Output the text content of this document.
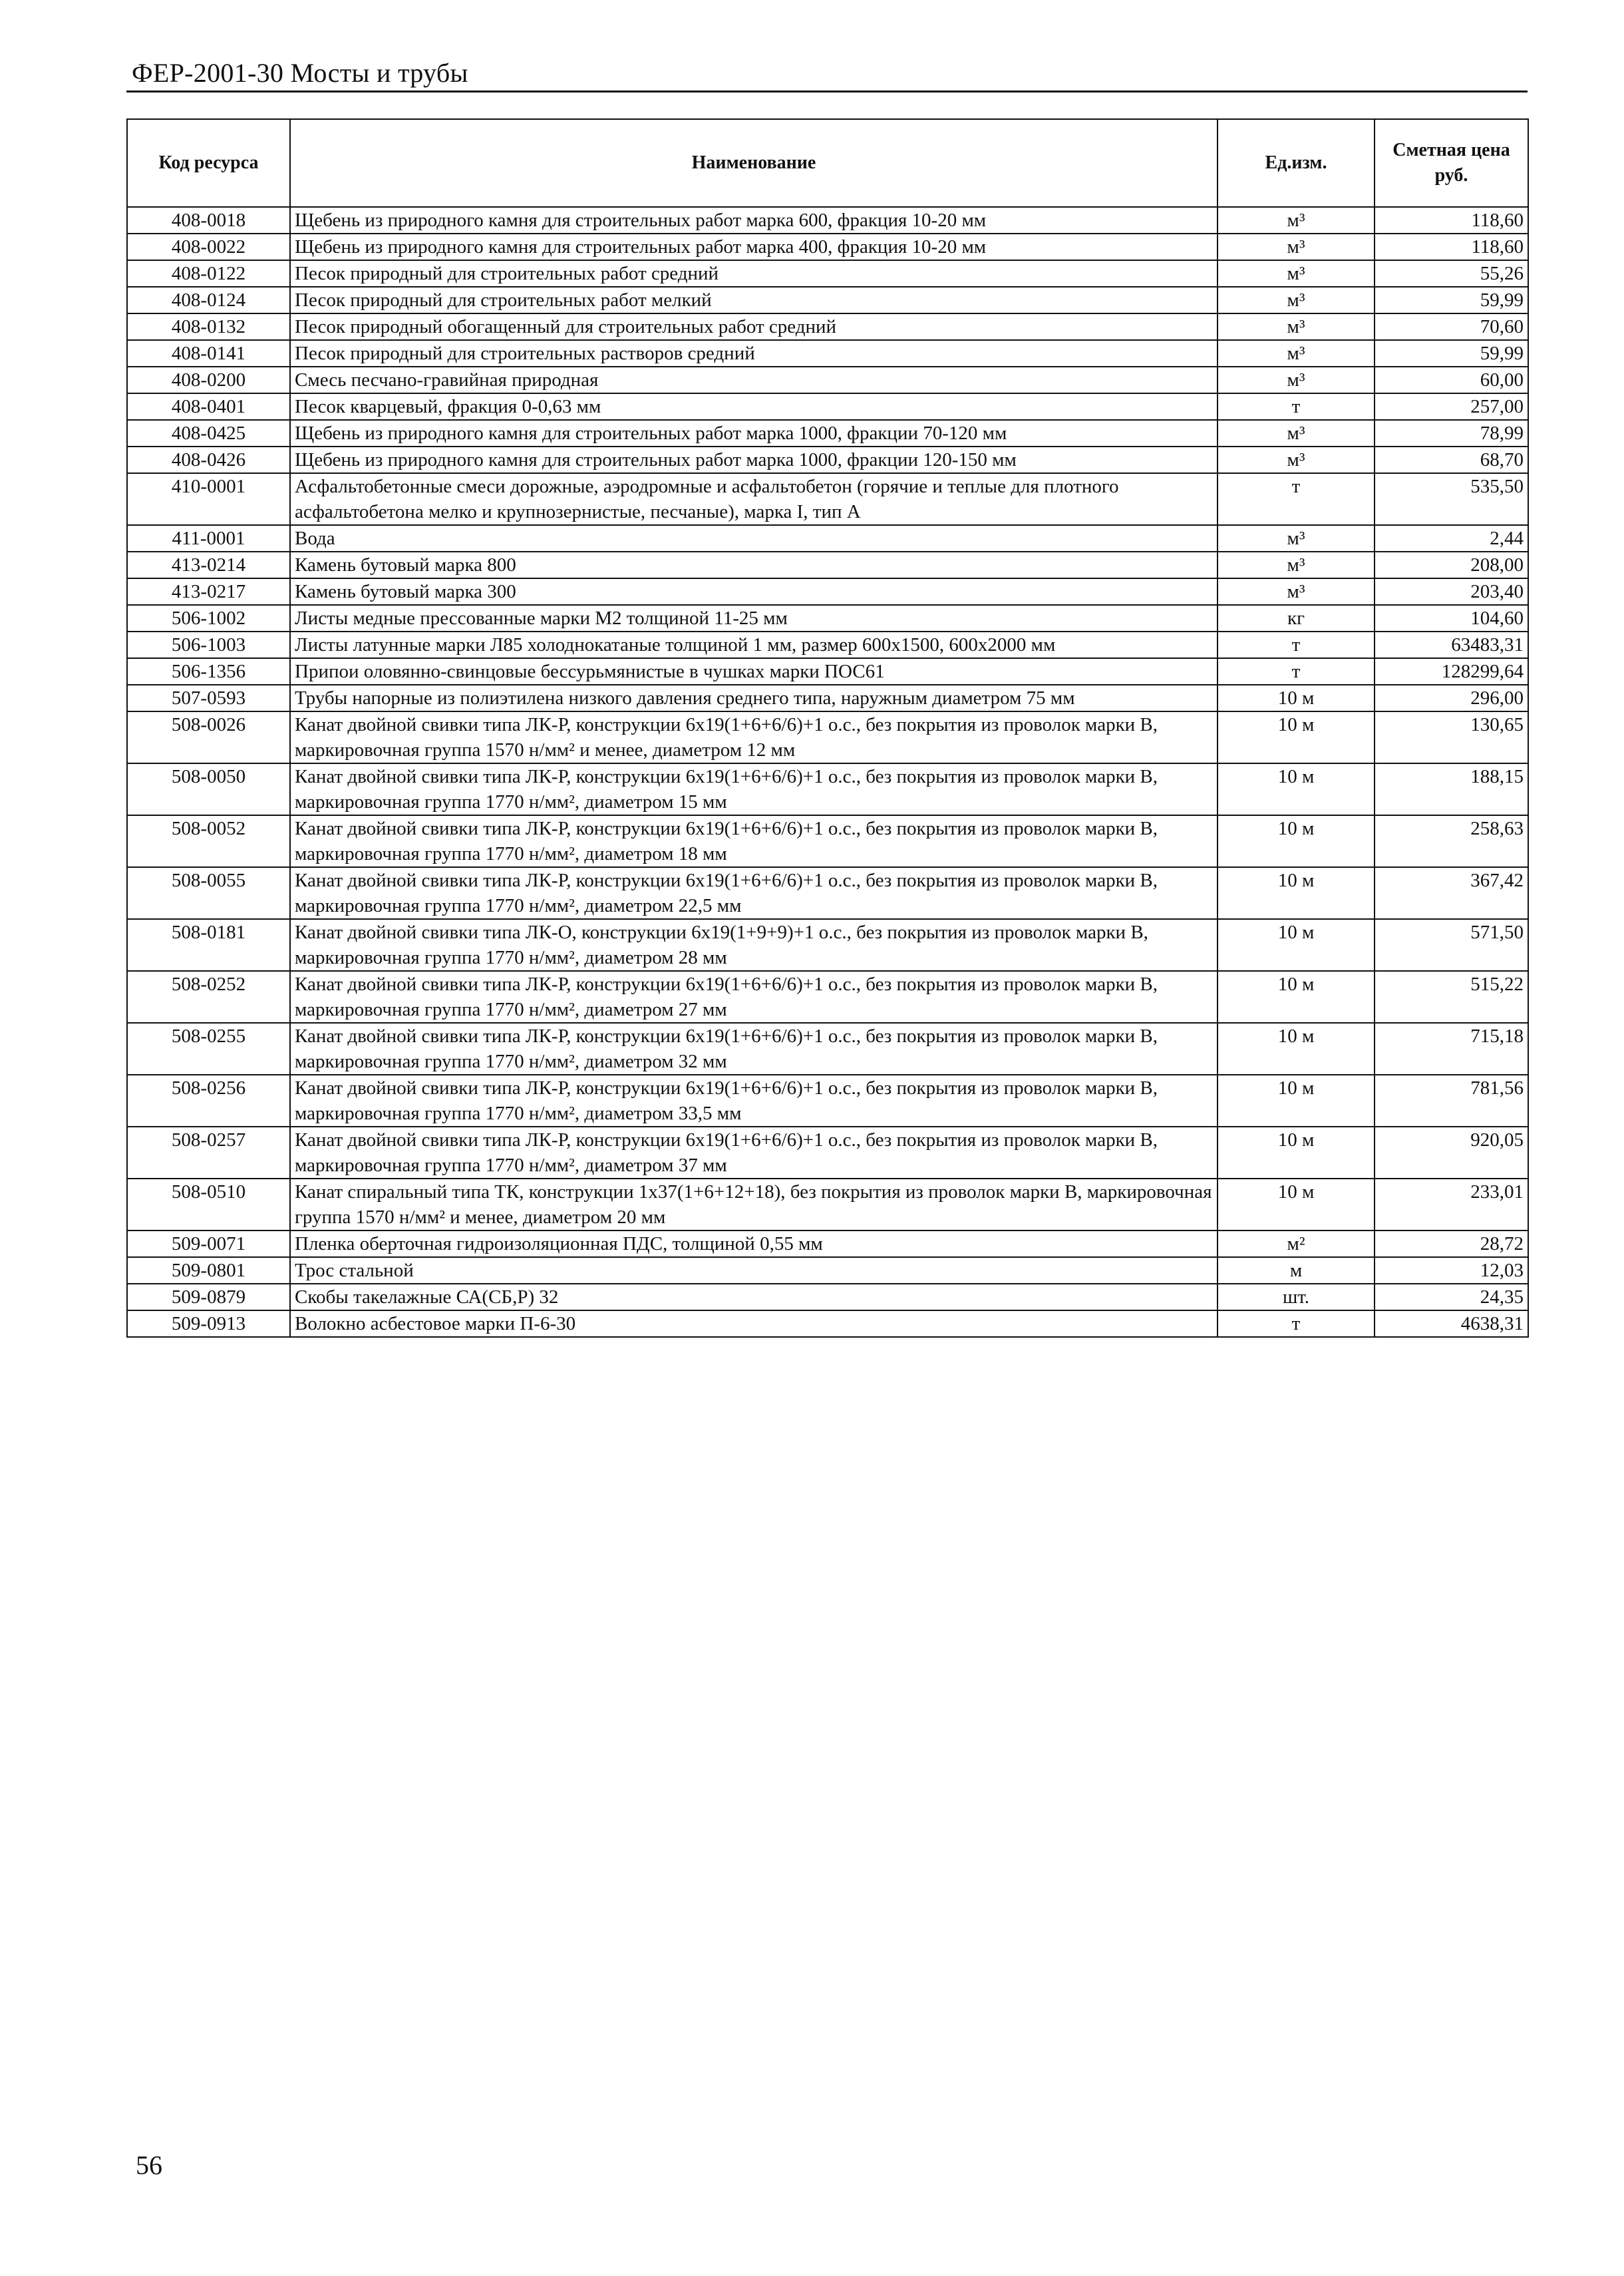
ФЕР-2001-30 Мосты и трубы
Код ресурса	Наименование	Ед.изм.	Сметная цена руб.
408-0018	Щебень из природного камня для строительных работ марка 600, фракция 10-20 мм	м³	118,60
408-0022	Щебень из природного камня для строительных работ марка 400, фракция 10-20 мм	м³	118,60
408-0122	Песок природный для строительных работ средний	м³	55,26
408-0124	Песок природный для строительных работ мелкий	м³	59,99
408-0132	Песок природный обогащенный для строительных работ средний	м³	70,60
408-0141	Песок природный для строительных растворов средний	м³	59,99
408-0200	Смесь песчано-гравийная природная	м³	60,00
408-0401	Песок кварцевый, фракция 0-0,63 мм	т	257,00
408-0425	Щебень из природного камня для строительных работ марка 1000, фракции 70-120 мм	м³	78,99
408-0426	Щебень из природного камня для строительных работ марка 1000, фракции 120-150 мм	м³	68,70
410-0001	Асфальтобетонные смеси дорожные, аэродромные и асфальтобетон (горячие и теплые для плотного асфальтобетона мелко и крупнозернистые, песчаные), марка I, тип А	т	535,50
411-0001	Вода	м³	2,44
413-0214	Камень бутовый марка 800	м³	208,00
413-0217	Камень бутовый марка 300	м³	203,40
506-1002	Листы медные прессованные марки М2 толщиной 11-25 мм	кг	104,60
506-1003	Листы латунные марки Л85 холоднокатаные толщиной 1 мм, размер 600х1500, 600х2000 мм	т	63483,31
506-1356	Припои оловянно-свинцовые бессурьмянистые в чушках марки ПОС61	т	128299,64
507-0593	Трубы напорные из полиэтилена низкого давления среднего типа, наружным диаметром 75 мм	10 м	296,00
508-0026	Канат двойной свивки типа ЛК-Р, конструкции 6х19(1+6+6/6)+1 о.с., без покрытия из проволок марки В, маркировочная группа 1570 н/мм² и менее, диаметром 12 мм	10 м	130,65
508-0050	Канат двойной свивки типа ЛК-Р, конструкции 6х19(1+6+6/6)+1 о.с., без покрытия из проволок марки В, маркировочная группа 1770 н/мм², диаметром 15 мм	10 м	188,15
508-0052	Канат двойной свивки типа ЛК-Р, конструкции 6х19(1+6+6/6)+1 о.с., без покрытия из проволок марки В, маркировочная группа 1770 н/мм², диаметром 18 мм	10 м	258,63
508-0055	Канат двойной свивки типа ЛК-Р, конструкции 6х19(1+6+6/6)+1 о.с., без покрытия из проволок марки В, маркировочная группа 1770 н/мм², диаметром 22,5 мм	10 м	367,42
508-0181	Канат двойной свивки типа ЛК-О, конструкции 6х19(1+9+9)+1 о.с., без покрытия из проволок марки В, маркировочная группа 1770 н/мм², диаметром 28 мм	10 м	571,50
508-0252	Канат двойной свивки типа ЛК-Р, конструкции 6х19(1+6+6/6)+1 о.с., без покрытия из проволок марки В, маркировочная группа 1770 н/мм², диаметром 27 мм	10 м	515,22
508-0255	Канат двойной свивки типа ЛК-Р, конструкции 6х19(1+6+6/6)+1 о.с., без покрытия из проволок марки В, маркировочная группа 1770 н/мм², диаметром 32 мм	10 м	715,18
508-0256	Канат двойной свивки типа ЛК-Р, конструкции 6х19(1+6+6/6)+1 о.с., без покрытия из проволок марки В, маркировочная группа 1770 н/мм², диаметром 33,5 мм	10 м	781,56
508-0257	Канат двойной свивки типа ЛК-Р, конструкции 6х19(1+6+6/6)+1 о.с., без покрытия из проволок марки В, маркировочная группа 1770 н/мм², диаметром 37 мм	10 м	920,05
508-0510	Канат спиральный типа ТК, конструкции 1х37(1+6+12+18), без покрытия из проволок марки В, маркировочная группа 1570 н/мм² и менее, диаметром 20 мм	10 м	233,01
509-0071	Пленка оберточная гидроизоляционная ПДС, толщиной 0,55 мм	м²	28,72
509-0801	Трос стальной	м	12,03
509-0879	Скобы такелажные СА(СБ,Р) 32	шт.	24,35
509-0913	Волокно асбестовое марки П-6-30	т	4638,31
56
